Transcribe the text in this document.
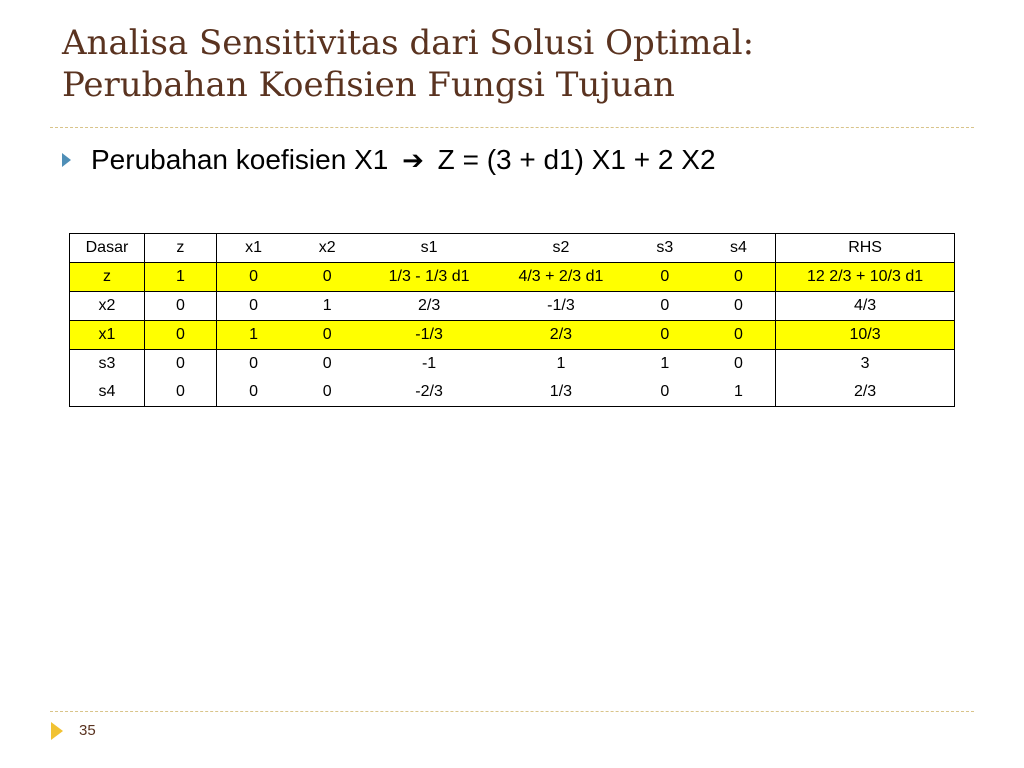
Analisa Sensitivitas dari Solusi Optimal:
Perubahan Koefisien Fungsi Tujuan
Perubahan koefisien X1 ➔ Z = (3 + d1) X1 + 2 X2
Dasar	z	x1	x2	s1	s2	s3	s4	RHS
z	1	0	0	1/3 - 1/3 d1	4/3 + 2/3 d1	0	0	12 2/3 + 10/3 d1
x2	0	0	1	2/3	-1/3	0	0	4/3
x1	0	1	0	-1/3	2/3	0	0	10/3
s3	0	0	0	-1	1	1	0	3
s4	0	0	0	-2/3	1/3	0	1	2/3
35
